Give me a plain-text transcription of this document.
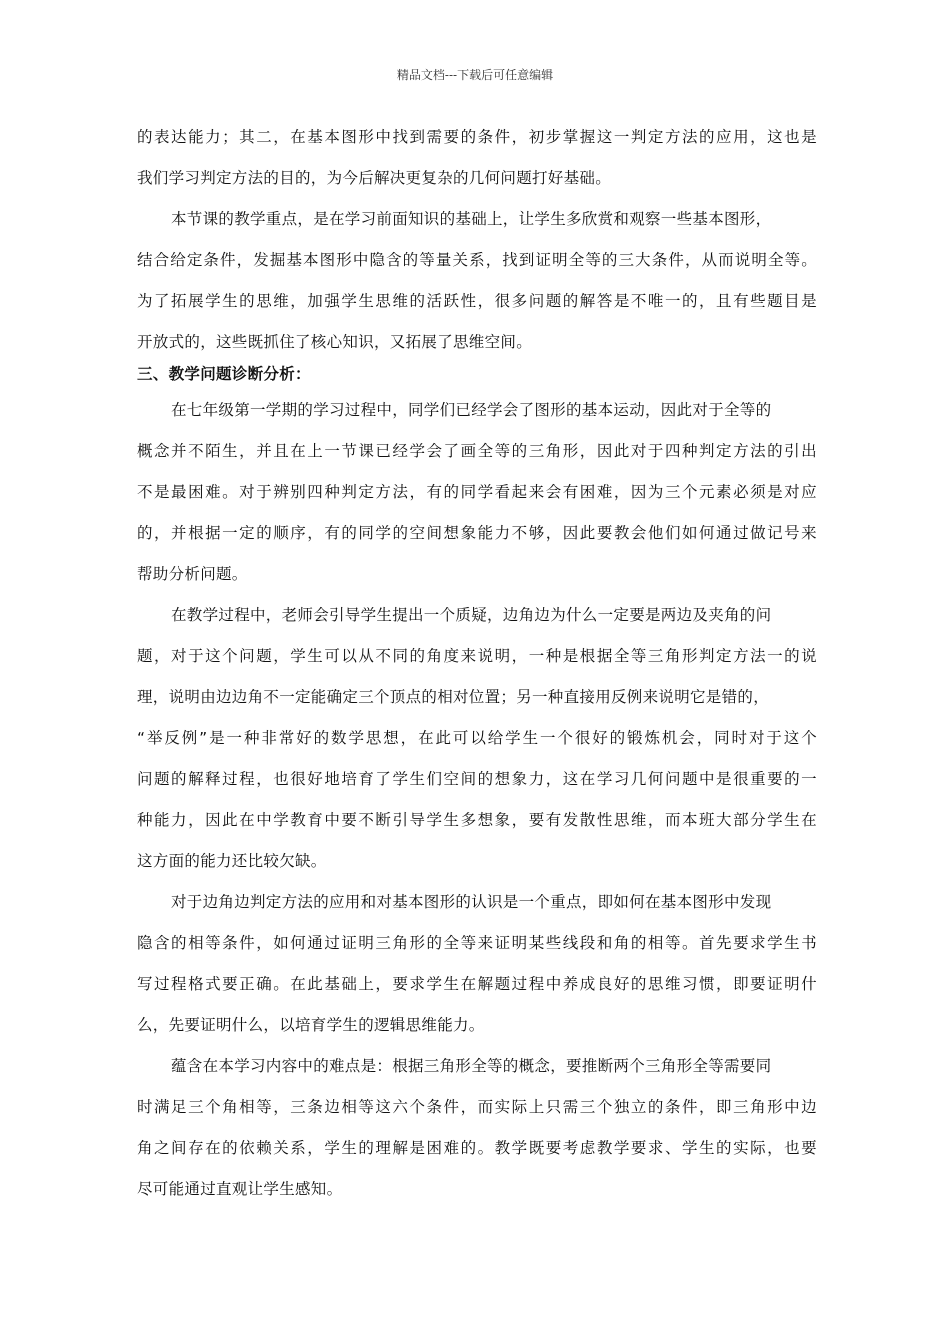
精品文档---下载后可任意编辑
的表达能力；其二，在基本图形中找到需要的条件，初步掌握这一判定方法的应用，这也是
我们学习判定方法的目的，为今后解决更复杂的几何问题打好基础。
本节课的教学重点，是在学习前面知识的基础上，让学生多欣赏和观察一些基本图形，
结合给定条件，发掘基本图形中隐含的等量关系，找到证明全等的三大条件，从而说明全等。
为了拓展学生的思维，加强学生思维的活跃性，很多问题的解答是不唯一的，且有些题目是
开放式的，这些既抓住了核心知识，又拓展了思维空间。
三、教学问题诊断分析：
在七年级第一学期的学习过程中，同学们已经学会了图形的基本运动，因此对于全等的
概念并不陌生，并且在上一节课已经学会了画全等的三角形，因此对于四种判定方法的引出
不是最困难。对于辨别四种判定方法，有的同学看起来会有困难，因为三个元素必须是对应
的，并根据一定的顺序，有的同学的空间想象能力不够，因此要教会他们如何通过做记号来
帮助分析问题。
在教学过程中，老师会引导学生提出一个质疑，边角边为什么一定要是两边及夹角的问
题，对于这个问题，学生可以从不同的角度来说明，一种是根据全等三角形判定方法一的说
理，说明由边边角不一定能确定三个顶点的相对位置；另一种直接用反例来说明它是错的，
“举反例”是一种非常好的数学思想，在此可以给学生一个很好的锻炼机会，同时对于这个
问题的解释过程，也很好地培育了学生们空间的想象力，这在学习几何问题中是很重要的一
种能力，因此在中学教育中要不断引导学生多想象，要有发散性思维，而本班大部分学生在
这方面的能力还比较欠缺。
对于边角边判定方法的应用和对基本图形的认识是一个重点，即如何在基本图形中发现
隐含的相等条件，如何通过证明三角形的全等来证明某些线段和角的相等。首先要求学生书
写过程格式要正确。在此基础上，要求学生在解题过程中养成良好的思维习惯，即要证明什
么，先要证明什么，以培育学生的逻辑思维能力。
蕴含在本学习内容中的难点是：根据三角形全等的概念，要推断两个三角形全等需要同
时满足三个角相等，三条边相等这六个条件，而实际上只需三个独立的条件，即三角形中边
角之间存在的依赖关系，学生的理解是困难的。教学既要考虑教学要求、学生的实际，也要
尽可能通过直观让学生感知。
